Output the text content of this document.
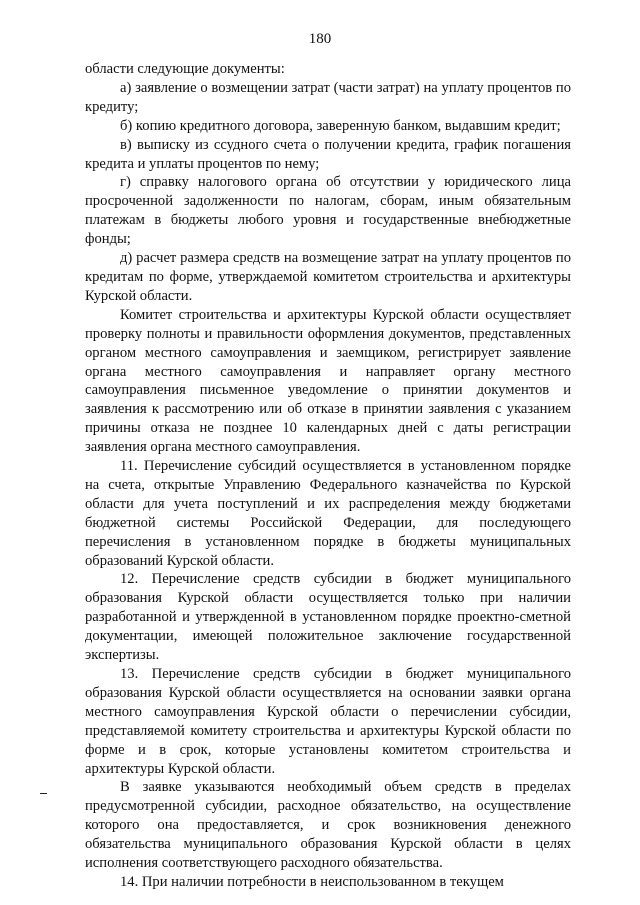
180

области следующие документы:

а) заявление о возмещении затрат (части затрат) на уплату процентов по кредиту;

б) копию кредитного договора, заверенную банком, выдавшим кредит;

в) выписку из ссудного счета о получении кредита, график погашения кредита и уплаты процентов по нему;

г) справку налогового органа об отсутствии у юридического лица просроченной задолженности по налогам, сборам, иным обязательным платежам в бюджеты любого уровня и государственные внебюджетные фонды;

д) расчет размера средств на возмещение затрат на уплату процентов по кредитам по форме, утверждаемой комитетом строительства и архитектуры Курской области.

Комитет строительства и архитектуры Курской области осуществляет проверку полноты и правильности оформления документов, представленных органом местного самоуправления и заемщиком, регистрирует заявление органа местного самоуправления и направляет органу местного самоуправления письменное уведомление о принятии документов и заявления к рассмотрению или об отказе в принятии заявления с указанием причины отказа не позднее 10 календарных дней с даты регистрации заявления органа местного самоуправления.

11. Перечисление субсидий осуществляется в установленном порядке на счета, открытые Управлению Федерального казначейства по Курской области для учета поступлений и их распределения между бюджетами бюджетной системы Российской Федерации, для последующего перечисления в установленном порядке в бюджеты муниципальных образований Курской области.

12. Перечисление средств субсидии в бюджет муниципального образования Курской области осуществляется только при наличии разработанной и утвержденной в установленном порядке проектно-сметной документации, имеющей положительное заключение государственной экспертизы.

13. Перечисление средств субсидии в бюджет муниципального образования Курской области осуществляется на основании заявки органа местного самоуправления Курской области о перечислении субсидии, представляемой комитету строительства и архитектуры Курской области по форме и в срок, которые установлены комитетом строительства и архитектуры Курской области.

В заявке указываются необходимый объем средств в пределах предусмотренной субсидии, расходное обязательство, на осуществление которого она предоставляется, и срок возникновения денежного обязательства муниципального образования Курской области в целях исполнения соответствующего расходного обязательства.

14. При наличии потребности в неиспользованном в текущем
